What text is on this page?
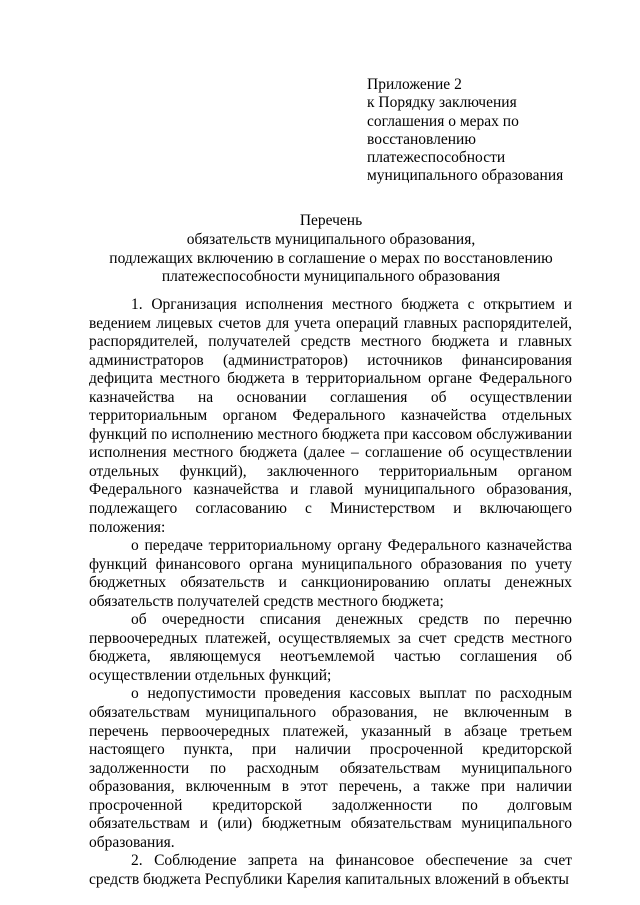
Приложение 2
к Порядку заключения
соглашения о мерах по
восстановлению
платежеспособности
муниципального образования
Перечень
обязательств муниципального образования,
подлежащих включению в соглашение о мерах по восстановлению
платежеспособности муниципального образования

1. Организация исполнения местного бюджета с открытием и ведением лицевых счетов для учета операций главных распорядителей, распорядителей, получателей средств местного бюджета и главных администраторов (администраторов) источников финансирования дефицита местного бюджета в территориальном органе Федерального казначейства на основании соглашения об осуществлении территориальным органом Федерального казначейства отдельных функций по исполнению местного бюджета при кассовом обслуживании исполнения местного бюджета (далее – соглашение об осуществлении отдельных функций), заключенного территориальным органом Федерального казначейства и главой муниципального образования, подлежащего согласованию с Министерством и включающего положения:

о передаче территориальному органу Федерального казначейства функций финансового органа муниципального образования по учету бюджетных обязательств и санкционированию оплаты денежных обязательств получателей средств местного бюджета;

об очередности списания денежных средств по перечню первоочередных платежей, осуществляемых за счет средств местного бюджета, являющемуся неотъемлемой частью соглашения об осуществлении отдельных функций;

о недопустимости проведения кассовых выплат по расходным обязательствам муниципального образования, не включенным в перечень первоочередных платежей, указанный в абзаце третьем настоящего пункта, при наличии просроченной кредиторской задолженности по расходным обязательствам муниципального образования, включенным в этот перечень, а также при наличии просроченной кредиторской задолженности по долговым обязательствам и (или) бюджетным обязательствам муниципального образования.

2. Соблюдение запрета на финансовое обеспечение за счет средств бюджета Республики Карелия капитальных вложений в объекты
